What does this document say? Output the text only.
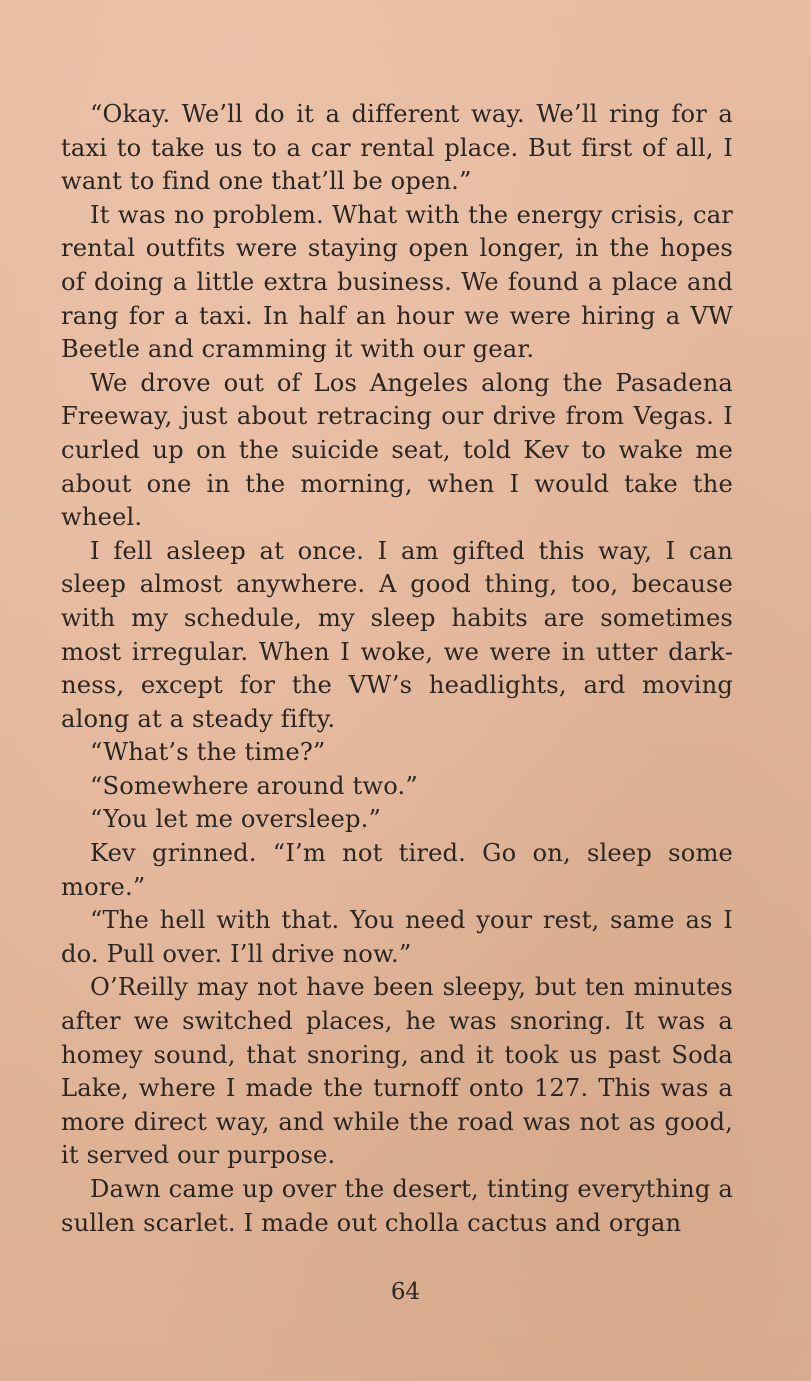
“Okay. We’ll do it a different way. We’ll ring for a taxi to take us to a car rental place. But first of all, I want to find one that’ll be open.”

It was no problem. What with the energy crisis, car rental outfits were staying open longer, in the hopes of doing a little extra business. We found a place and rang for a taxi. In half an hour we were hiring a VW Beetle and cramming it with our gear.

We drove out of Los Angeles along the Pasadena Freeway, just about retracing our drive from Vegas. I curled up on the suicide seat, told Kev to wake me about one in the morning, when I would take the wheel.

I fell asleep at once. I am gifted this way, I can sleep almost anywhere. A good thing, too, because with my schedule, my sleep habits are sometimes most irregular. When I woke, we were in utter darkness, except for the VW’s headlights, ard moving along at a steady fifty.

“What’s the time?”

“Somewhere around two.”

“You let me oversleep.”

Kev grinned. “I’m not tired. Go on, sleep some more.”

“The hell with that. You need your rest, same as I do. Pull over. I’ll drive now.”

O’Reilly may not have been sleepy, but ten minutes after we switched places, he was snoring. It was a homey sound, that snoring, and it took us past Soda Lake, where I made the turnoff onto 127. This was a more direct way, and while the road was not as good, it served our purpose.

Dawn came up over the desert, tinting everything a sullen scarlet. I made out cholla cactus and organ

64
